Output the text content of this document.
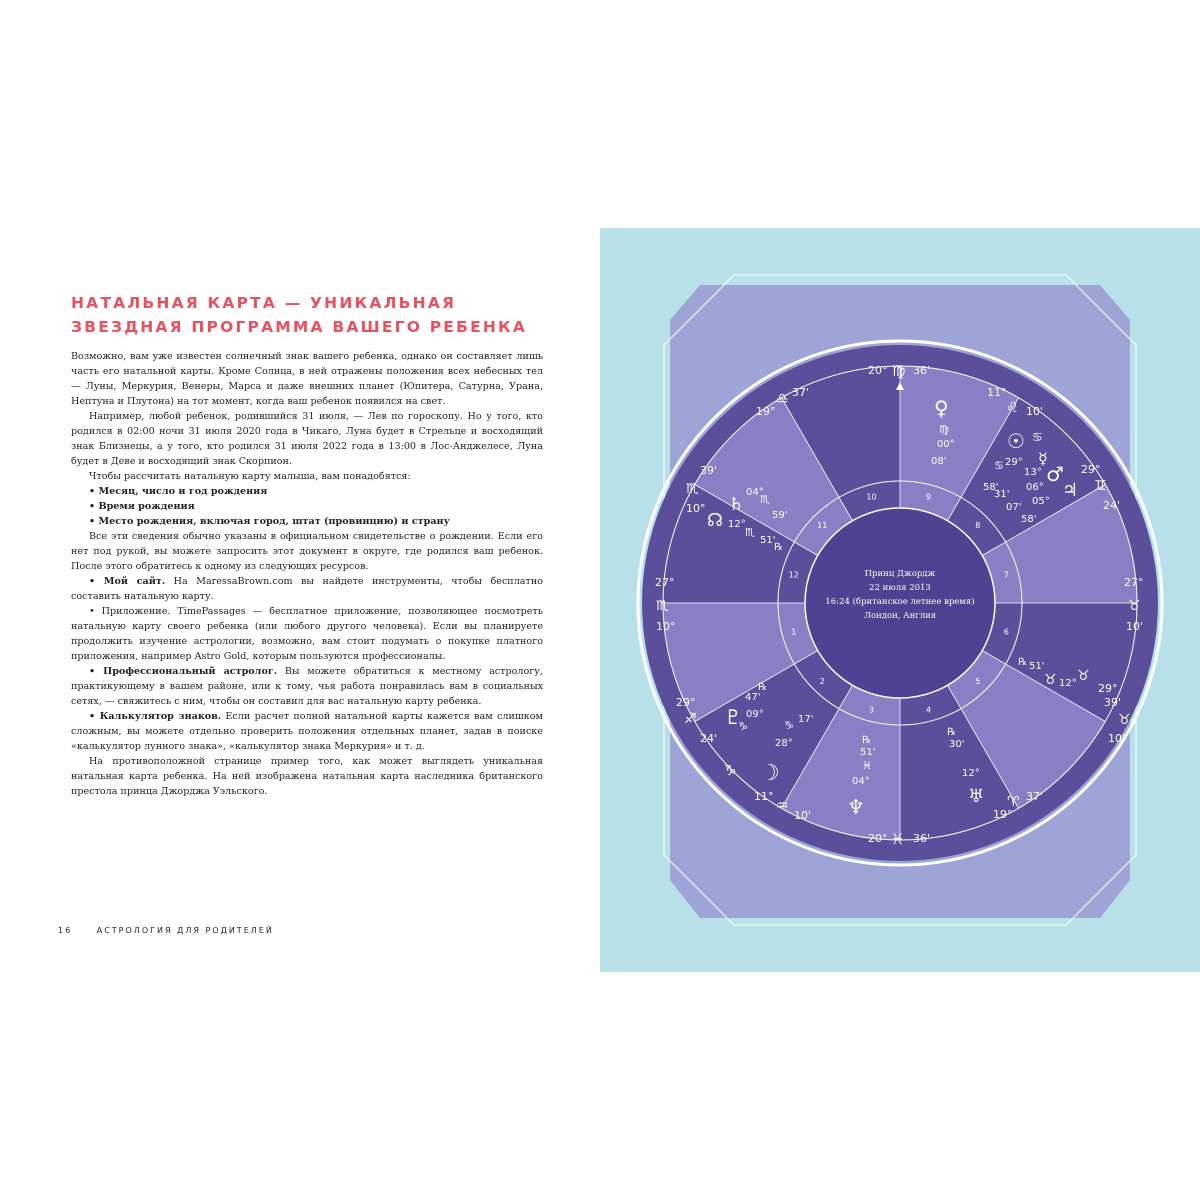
НАТАЛЬНАЯ КАРТА — УНИКАЛЬНАЯ
ЗВЕЗДНАЯ ПРОГРАММА ВАШЕГО РЕБЕНКА

Возможно, вам уже известен солнечный знак вашего ребенка, однако он составляет лишь часть его натальной карты. Кроме Солнца, в ней отражены положения всех небесных тел — Луны, Меркурия, Венеры, Марса и даже внешних планет (Юпитера, Сатурна, Урана, Нептуна и Плутона) на тот момент, когда ваш ребенок появился на свет.

Например, любой ребенок, родившийся 31 июля, — Лев по гороскопу. Но у того, кто родился в 02:00 ночи 31 июля 2020 года в Чикаго, Луна будет в Стрельце и восходящий знак Близнецы, а у того, кто родился 31 июля 2022 года в 13:00 в Лос-Анджелесе, Луна будет в Деве и восходящий знак Скорпион.

Чтобы рассчитать натальную карту малыша, вам понадобятся:

• Месяц, число и год рождения

• Время рождения

• Место рождения, включая город, штат (провинцию) и страну

Все эти сведения обычно указаны в официальном свидетельстве о рождении. Если его нет под рукой, вы можете запросить этот документ в округе, где родился ваш ребенок. После этого обратитесь к одному из следующих ресурсов.

• Мой сайт. На MaressaBrown.com вы найдете инструменты, чтобы бесплатно составить натальную карту.

• Приложение. TimePassages — бесплатное приложение, позволяющее посмотреть натальную карту своего ребенка (или любого другого человека). Если вы планируете продолжить изучение астрологии, возможно, вам стоит подумать о покупке платного приложения, например Astro Gold, которым пользуются профессионалы.

• Профессиональный астролог. Вы можете обратиться к местному астрологу, практикующему в вашем районе, или к тому, чья работа понравилась вам в социальных сетях, — свяжитесь с ним, чтобы он составил для вас натальную карту ребенка.

• Калькулятор знаков. Если расчет полной натальной карты кажется вам слишком сложным, вы можете отдельно проверить положения отдельных планет, задав в поиске «калькулятор лунного знака», «калькулятор знака Меркурия» и т. д.

На противоположной странице пример того, как может выглядеть уникальная натальная карта ребенка. На ней изображена натальная карта наследника британского престола принца Джорджа Уэльского.

16	АСТРОЛОГИЯ ДЛЯ РОДИТЕЛЕЙ
1
2
3	4
5
6
7
8
9
10
11
12	Принц Джордж
22 июля 2013
16:24 (британское летнее время)
Лондон, Англия
20° ♍ 36'
20° ♓ 36'
27°
♏
10°
27°
♉
10'
11°
♌ 10'
29°
♊
24'
♉
29°
39'
♉
10°
19°
♈ 37'
11°
♒
10'
29°
♐
24'
10°
♏
39'
19°
♎ 37'
♀
♍
00°
08'
☉ ♋
29°
13° ♂
☿
♃
♋
58'	06°
05°
31'
07'
58'
♄
04°
♏
59'
☊ 12°
♏
51'
℞
℞ 51'
12°
♉
℞
30'
12°
♅
℞
51'
♓
04°
♆
♇ 09°
♑
47'
℞
☽
28°
17'
♑
♑
